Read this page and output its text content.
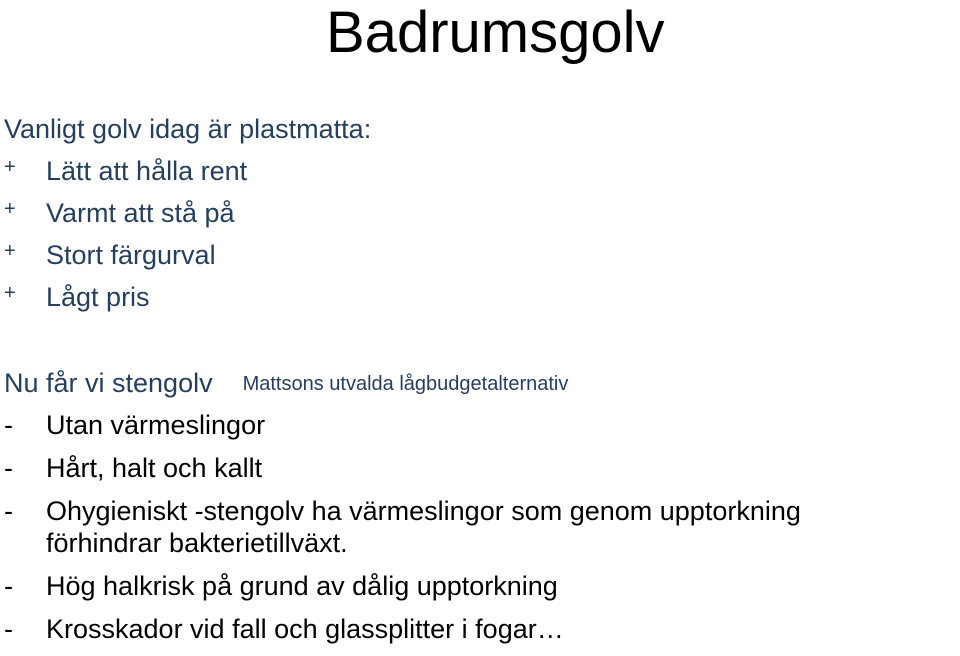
Badrumsgolv
Vanligt golv idag är plastmatta:
+	Lätt att hålla rent
+	Varmt att stå på
+	Stort färgurval
+	Lågt pris
Nu får vi stengolv Mattsons utvalda lågbudgetalternativ
-	Utan värmeslingor
-	Hårt, halt och kallt
-	Ohygieniskt -stengolv ha värmeslingor som genom upptorkning
förhindrar bakterietillväxt.
-	Hög halkrisk på grund av dålig upptorkning
-	Krosskador vid fall och glassplitter i fogar…
